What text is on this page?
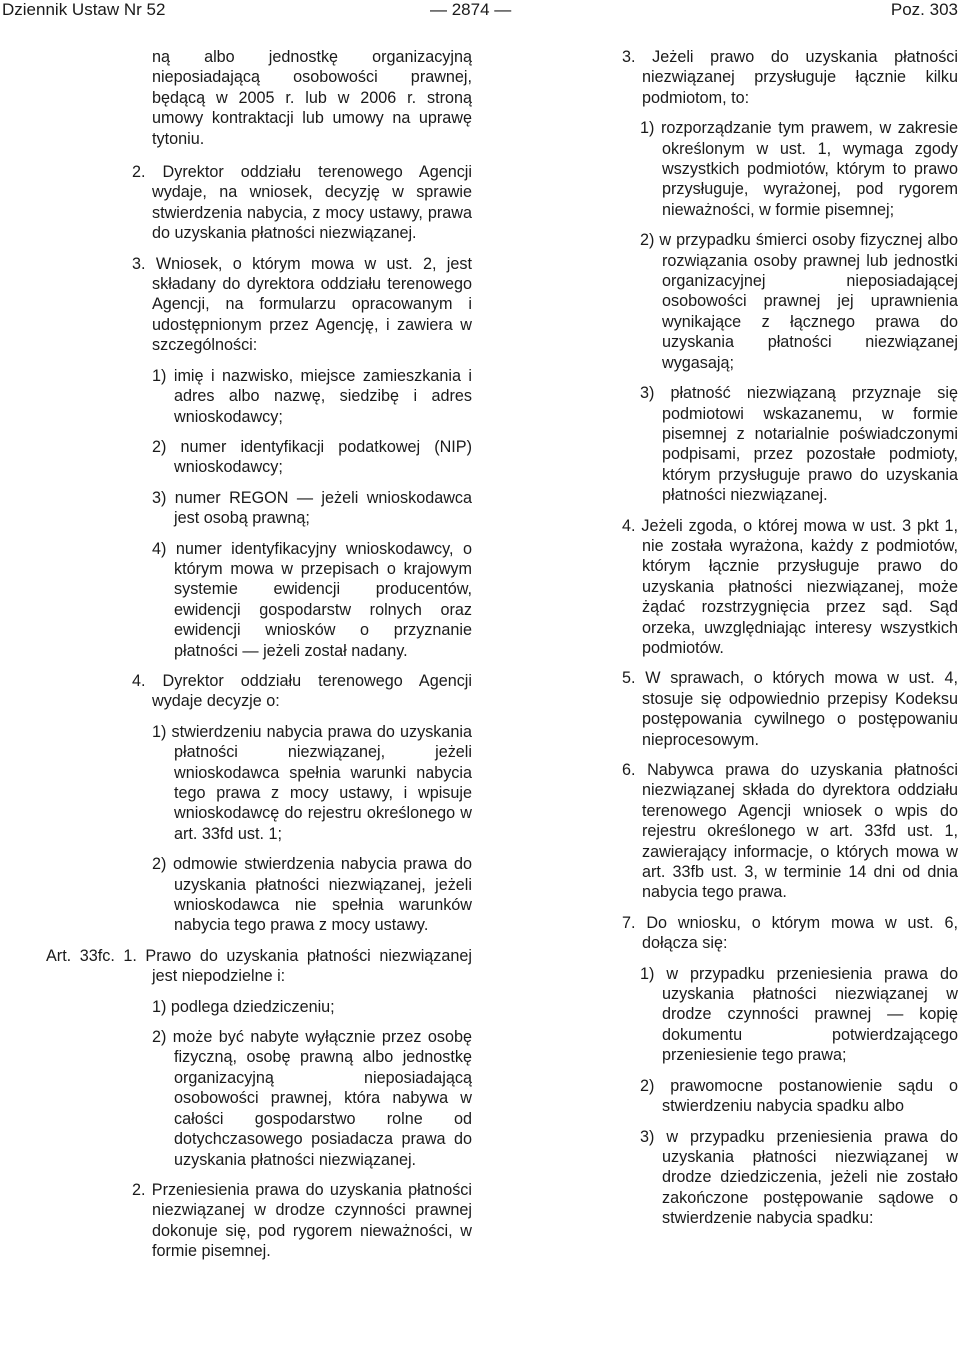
Dziennik Ustaw Nr 52	— 2874 —	Poz. 303

ną albo jednostkę organizacyjną nieposiadającą osobowości prawnej, będącą w 2005 r. lub w 2006 r. stroną umowy kontraktacji lub umowy na uprawę tytoniu.

2. Dyrektor oddziału terenowego Agencji wydaje, na wniosek, decyzję w sprawie stwierdzenia nabycia, z mocy ustawy, prawa do uzyskania płatności niezwiązanej.

3. Wniosek, o którym mowa w ust. 2, jest składany do dyrektora oddziału terenowego Agencji, na formularzu opracowanym i udostępnionym przez Agencję, i zawiera w szczególności:

1) imię i nazwisko, miejsce zamieszkania i adres albo nazwę, siedzibę i adres wnioskodawcy;

2) numer identyfikacji podatkowej (NIP) wnioskodawcy;

3) numer REGON — jeżeli wnioskodawca jest osobą prawną;

4) numer identyfikacyjny wnioskodawcy, o którym mowa w przepisach o krajowym systemie ewidencji producentów, ewidencji gospodarstw rolnych oraz ewidencji wniosków o przyznanie płatności — jeżeli został nadany.

4. Dyrektor oddziału terenowego Agencji wydaje decyzje o:

1) stwierdzeniu nabycia prawa do uzyskania płatności niezwiązanej, jeżeli wnioskodawca spełnia warunki nabycia tego prawa z mocy ustawy, i wpisuje wnioskodawcę do rejestru określonego w art. 33fd ust. 1;

2) odmowie stwierdzenia nabycia prawa do uzyskania płatności niezwiązanej, jeżeli wnioskodawca nie spełnia warunków nabycia tego prawa z mocy ustawy.

Art. 33fc. 1. Prawo do uzyskania płatności niezwiązanej jest niepodzielne i:

1) podlega dziedziczeniu;

2) może być nabyte wyłącznie przez osobę fizyczną, osobę prawną albo jednostkę organizacyjną nieposiadającą osobowości prawnej, która nabywa w całości gospodarstwo rolne od dotychczasowego posiadacza prawa do uzyskania płatności niezwiązanej.

2. Przeniesienia prawa do uzyskania płatności niezwiązanej w drodze czynności prawnej dokonuje się, pod rygorem nieważności, w formie pisemnej.

3. Jeżeli prawo do uzyskania płatności niezwiązanej przysługuje łącznie kilku podmiotom, to:

1) rozporządzanie tym prawem, w zakresie określonym w ust. 1, wymaga zgody wszystkich podmiotów, którym to prawo przysługuje, wyrażonej, pod rygorem nieważności, w formie pisemnej;

2) w przypadku śmierci osoby fizycznej albo rozwiązania osoby prawnej lub jednostki organizacyjnej nieposiadającej osobowości prawnej jej uprawnienia wynikające z łącznego prawa do uzyskania płatności niezwiązanej wygasają;

3) płatność niezwiązaną przyznaje się podmiotowi wskazanemu, w formie pisemnej z notarialnie poświadczonymi podpisami, przez pozostałe podmioty, którym przysługuje prawo do uzyskania płatności niezwiązanej.

4. Jeżeli zgoda, o której mowa w ust. 3 pkt 1, nie została wyrażona, każdy z podmiotów, którym łącznie przysługuje prawo do uzyskania płatności niezwiązanej, może żądać rozstrzygnięcia przez sąd. Sąd orzeka, uwzględniając interesy wszystkich podmiotów.

5. W sprawach, o których mowa w ust. 4, stosuje się odpowiednio przepisy Kodeksu postępowania cywilnego o postępowaniu nieprocesowym.

6. Nabywca prawa do uzyskania płatności niezwiązanej składa do dyrektora oddziału terenowego Agencji wniosek o wpis do rejestru określonego w art. 33fd ust. 1, zawierający informacje, o których mowa w art. 33fb ust. 3, w terminie 14 dni od dnia nabycia tego prawa.

7. Do wniosku, o którym mowa w ust. 6, dołącza się:

1) w przypadku przeniesienia prawa do uzyskania płatności niezwiązanej w drodze czynności prawnej — kopię dokumentu potwierdzającego przeniesienie tego prawa;

2) prawomocne postanowienie sądu o stwierdzeniu nabycia spadku albo

3) w przypadku przeniesienia prawa do uzyskania płatności niezwiązanej w drodze dziedziczenia, jeżeli nie zostało zakończone postępowanie sądowe o stwierdzenie nabycia spadku:
